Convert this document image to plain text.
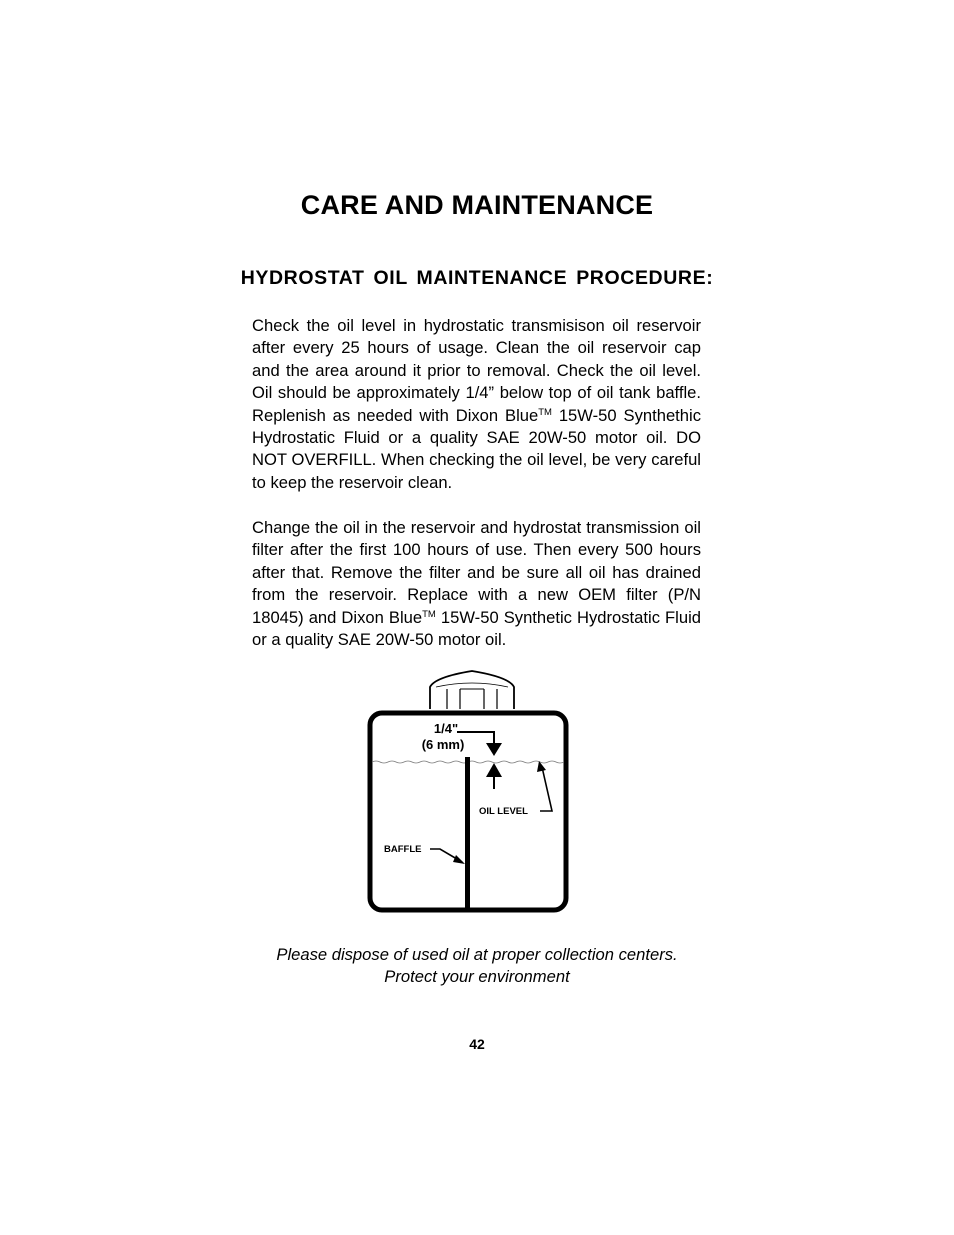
CARE AND MAINTENANCE
HYDROSTAT OIL MAINTENANCE PROCEDURE:

Check the oil level in hydrostatic transmisison oil reservoir after every 25 hours of usage. Clean the oil reservoir cap and the area around it prior to removal. Check the oil level. Oil should be approximately 1/4” below top of oil tank baffle. Replenish as needed with Dixon Blue™ 15W-50 Synthethic Hydrostatic Fluid or a quality SAE 20W-50 motor oil. DO NOT OVERFILL. When checking the oil level, be very careful to keep the reservoir clean.

Change the oil in the reservoir and hydrostat transmission oil filter after the first 100 hours of use. Then every 500 hours after that. Remove the filter and be sure all oil has drained from the reservoir. Replace with a new OEM filter (P/N 18045) and Dixon Blue™ 15W-50 Synthetic Hydrostatic Fluid or a quality SAE 20W-50 motor oil.

1/4"
(6 mm)
OIL LEVEL
BAFFLE

Please dispose of used oil at proper collection centers.
Protect your environment

42
